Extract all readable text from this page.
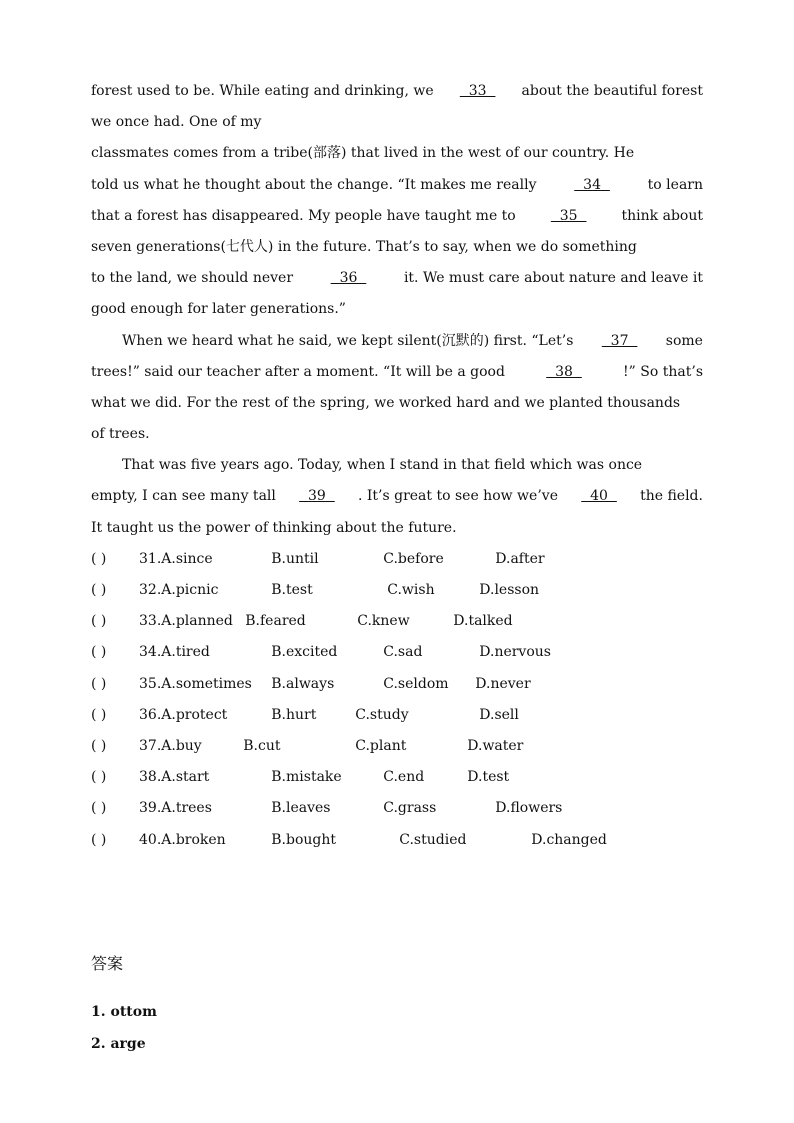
forest used to be. While eating and drinking, we 33 about the beautiful forest
we once had. One of my
classmates comes from a tribe(部落) that lived in the west of our country. He
told us what he thought about the change. “It makes me really	34	to learn
that a forest has disappeared. My people have taught me to	35	think about
seven generations(七代人) in the future. That’s to say, when we do something
to the land, we should never	36	it. We must care about nature and leave it
good enough for later generations.”
When we heard what he said, we kept silent(沉默的) first. “Let’s 37 some
trees!” said our teacher after a moment. “It will be a good	38	!” So that’s
what we did. For the rest of the spring, we worked hard and we planted thousands
of trees.
That was five years ago. Today, when I stand in that field which was once
empty, I can see many tall 39 . It’s great to see how we’ve 40 the field.
It taught us the power of thinking about the future.
( )	31. A.since	B.until	C.before	D.after
( )	32. A.picnic	B.test	C.wish	D.lesson
( )	33. A.planned B.feared	C.knew	D.talked
( )	34. A.tired	B.excited	C.sad	D.nervous
( )	35. A.sometimes	B.always	C.seldom	D.never
( )	36. A.protect	B.hurt	C.study	D.sell
( )	37. A.buy	B.cut	C.plant	D.water
( )	38. A.start	B.mistake	C.end	D.test
( )	39. A.trees	B.leaves	C.grass	D.flowers
( )	40. A.broken	B.bought	C.studied	D.changed
答案
1. ottom
2. arge
